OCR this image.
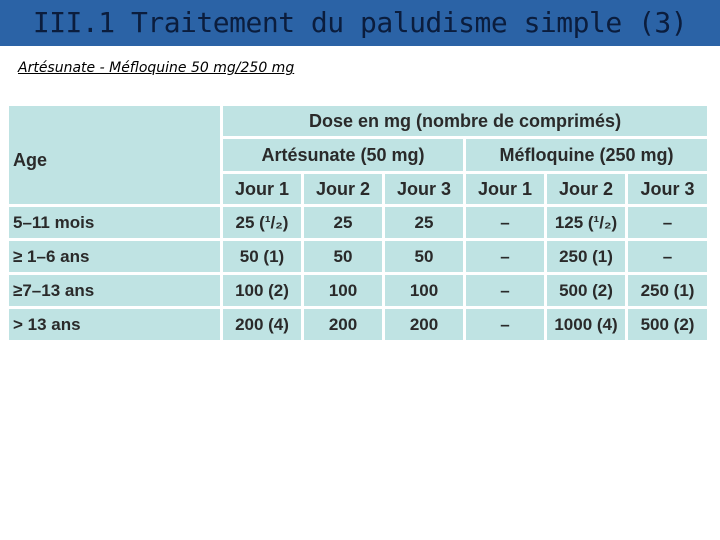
III.1 Traitement du paludisme simple (3)
Artésunate - Méfloquine 50 mg/250 mg
Age	Dose en mg (nombre de comprimés)					
	Artésunate (50 mg)			Méfloquine (250 mg)		
	Jour 1	Jour 2	Jour 3	Jour 1	Jour 2	Jour 3
5–11 mois	25 (¹/₂)	25	25	–	125 (¹/₂)	–
≥ 1–6 ans	50 (1)	50	50	–	250 (1)	–
≥7–13 ans	100 (2)	100	100	–	500 (2)	250 (1)
> 13 ans	200 (4)	200	200	–	1000 (4)	500 (2)
